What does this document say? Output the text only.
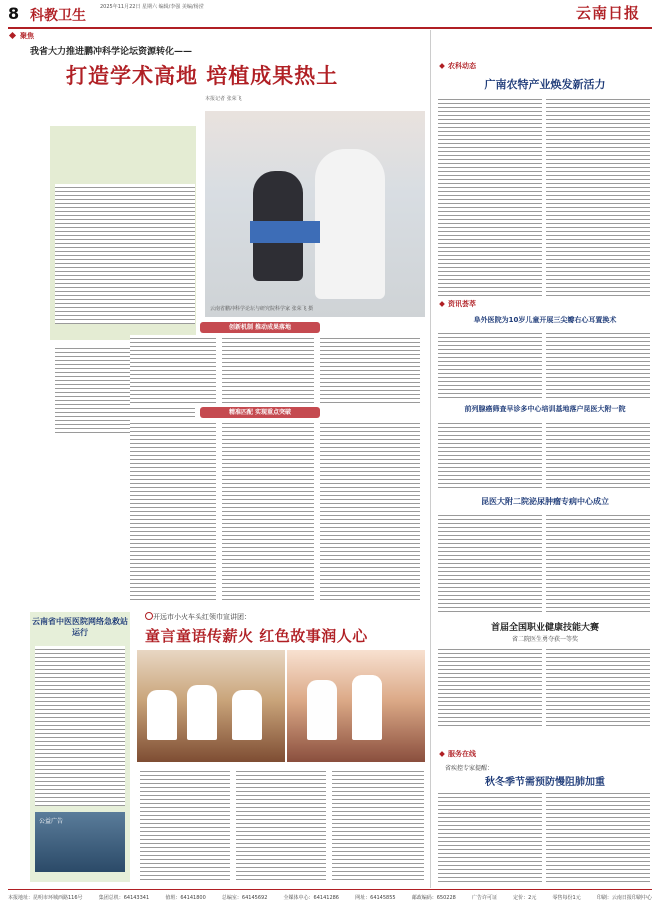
8 科教卫生
2025年11月22日 星期六 编辑/李强 美编/杨滢	云南日报
聚焦
我省大力推进鹏冲科学论坛资源转化——
打造学术高地 培植成果热土
本报记者 张荣飞
云南省鹏冲科学论坛与研究院科学家 张荣飞 摄
创新机制 推动成果落地
精准匹配 实现重点突破
农科动态
广南农特产业焕发新活力
资讯荟萃
阜外医院为10岁儿童开展三尖瓣右心耳置换术
前列腺癌筛查早诊多中心培训基地落户昆医大附一院
昆医大附二院泌尿肿瘤专病中心成立
首届全国职业健康技能大赛
省二院医生勇夺获一等奖
服务在线
省疾控专家提醒：
秋冬季节需预防慢阻肺加重
云南省中医医院网络急救站运行
公益广告
开远市小火车头红领巾宣讲团：
童言童语传薪火 红色故事润人心
本报地址：昆明市环城西路116号	集团总机：64143341	值班：64141800	总编室：64145692	全媒体中心：64141286	网址：64145855	邮政编码：650228	广告许可证	定价：2元	零售每份1元	印刷：云南日报印刷中心
